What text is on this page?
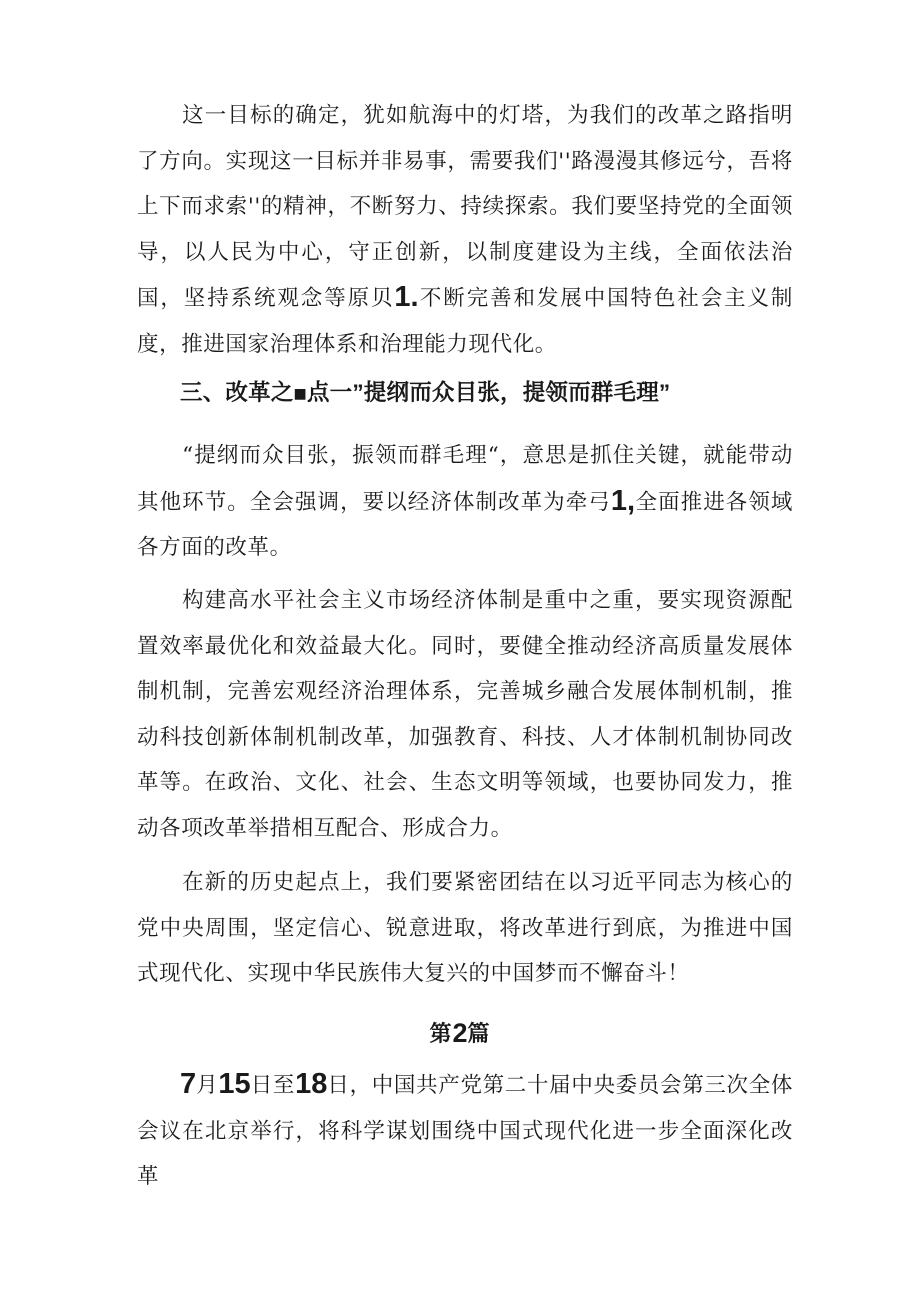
这一目标的确定，犹如航海中的灯塔，为我们的改革之路指明了方向。实现这一目标并非易事，需要我们''路漫漫其修远兮，吾将上下而求索''的精神，不断努力、持续探索。我们要坚持党的全面领导，以人民为中心，守正创新，以制度建设为主线，全面依法治国，坚持系统观念等原贝1.不断完善和发展中国特色社会主义制度，推进国家治理体系和治理能力现代化。

三、改革之■点一”提纲而众目张，提领而群毛理”

“提纲而众目张，振领而群毛理“，意思是抓住关键，就能带动其他环节。全会强调，要以经济体制改革为牵弓1,全面推进各领域各方面的改革。

构建高水平社会主义市场经济体制是重中之重，要实现资源配置效率最优化和效益最大化。同时，要健全推动经济高质量发展体制机制，完善宏观经济治理体系，完善城乡融合发展体制机制，推动科技创新体制机制改革，加强教育、科技、人才体制机制协同改革等。在政治、文化、社会、生态文明等领域，也要协同发力，推动各项改革举措相互配合、形成合力。

在新的历史起点上，我们要紧密团结在以习近平同志为核心的党中央周围，坚定信心、锐意进取，将改革进行到底，为推进中国式现代化、实现中华民族伟大复兴的中国梦而不懈奋斗！

第2篇

7月15日至18日，中国共产党第二十届中央委员会第三次全体会议在北京举行，将科学谋划围绕中国式现代化进一步全面深化改革
